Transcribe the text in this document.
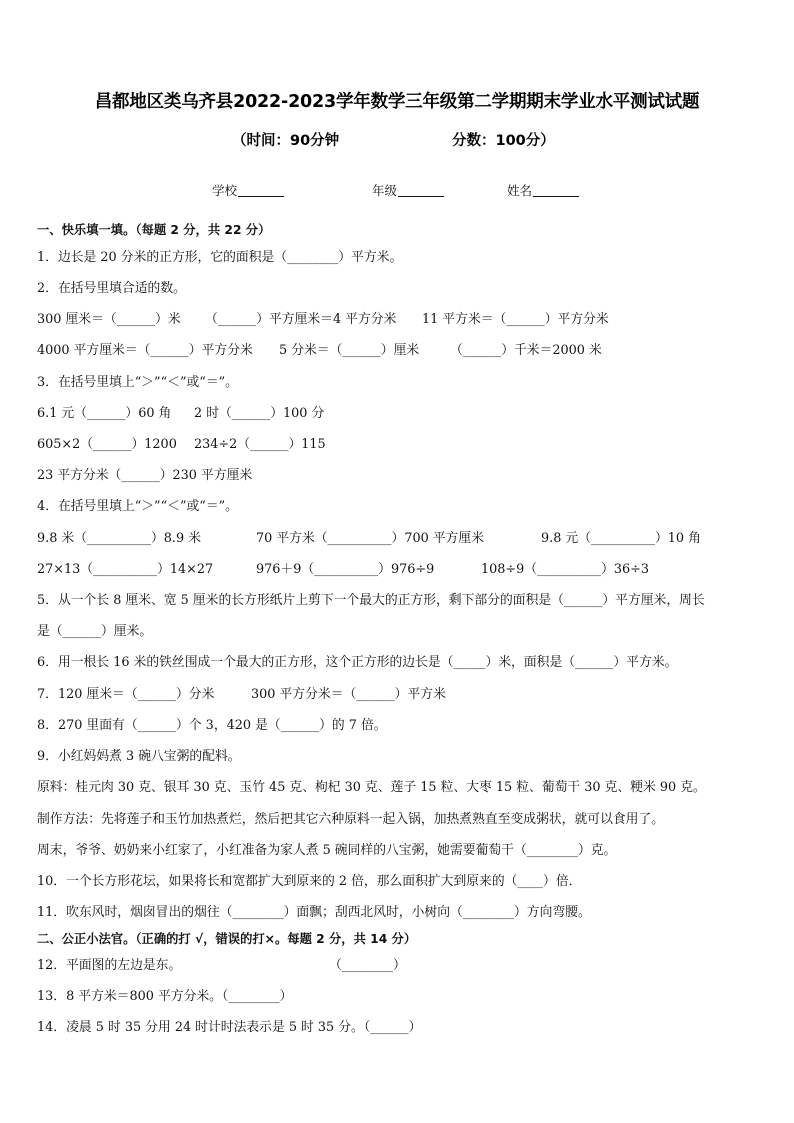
昌都地区类乌齐县2022-2023学年数学三年级第二学期期末学业水平测试试题
（时间：90分钟	分数：100分）
学校	年级	姓名
一、快乐填一填。（每题 2 分，共 22 分）
1．边长是 20 分米的正方形，它的面积是（________）平方米。
2．在括号里填合适的数。
300 厘米＝（______）米 （______）平方厘米＝4 平方分米 11 平方米＝（______）平方分米
4000 平方厘米＝（______）平方分米 5 分米＝（______）厘米 （______）千米＝2000 米
3．在括号里填上“＞”“＜”或“＝”。
6.1 元（______）60 角 2 时（______）100 分
605×2（______）1200 234÷2（______）115
23 平方分米（______）230 平方厘米
4．在括号里填上“＞”“＜”或“＝”。
9.8 米（__________）8.9 米	70 平方米（__________）700 平方厘米	9.8 元（__________）10 角
27×13（__________）14×27	976＋9（__________）976÷9	108÷9（__________）36÷3
5．从一个长 8 厘米、宽 5 厘米的长方形纸片上剪下一个最大的正方形，剩下部分的面积是（______）平方厘米，周长
是（______）厘米。
6．用一根长 16 米的铁丝围成一个最大的正方形，这个正方形的边长是（_____）米，面积是（______）平方米。
7．120 厘米＝（______）分米	300 平方分米＝（______）平方米
8．270 里面有（______）个 3，420 是（______）的 7 倍。
9．小红妈妈煮 3 碗八宝粥的配料。
原料：桂元肉 30 克、银耳 30 克、玉竹 45 克、枸杞 30 克、莲子 15 粒、大枣 15 粒、葡萄干 30 克、粳米 90 克。
制作方法：先将莲子和玉竹加热煮烂，然后把其它六种原料一起入锅，加热煮熟直至变成粥状，就可以食用了。
周末，爷爷、奶奶来小红家了，小红准备为家人煮 5 碗同样的八宝粥，她需要葡萄干（________）克。
10．一个长方形花坛，如果将长和宽都扩大到原来的 2 倍，那么面积扩大到原来的（____）倍．
11．吹东风时，烟囱冒出的烟往（________）面飘；刮西北风时，小树向（________）方向弯腰。
二、公正小法官。（正确的打 √，错误的打×。每题 2 分，共 14 分）
12．平面图的左边是东。	（________）
13．8 平方米＝800 平方分米。（________）
14．凌晨 5 时 35 分用 24 时计时法表示是 5 时 35 分。（______）
